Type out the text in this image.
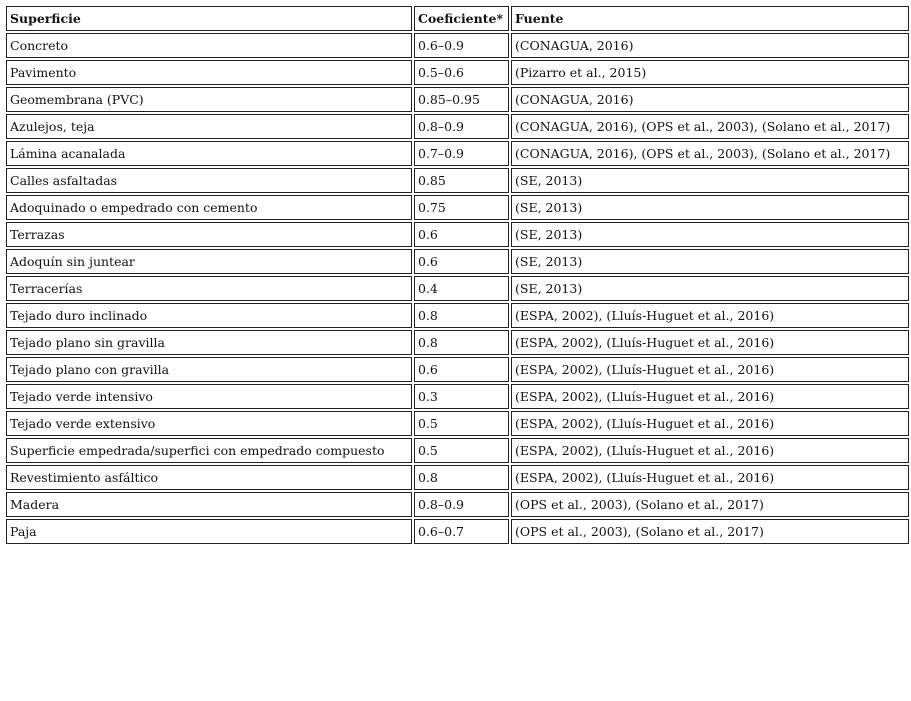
Superficie	Coeficiente*	Fuente
Concreto	0.6–0.9	(CONAGUA, 2016)
Pavimento	0.5–0.6	(Pizarro et al., 2015)
Geomembrana (PVC)	0.85–0.95	(CONAGUA, 2016)
Azulejos, teja	0.8–0.9	(CONAGUA, 2016), (OPS et al., 2003), (Solano et al., 2017)
Lámina acanalada	0.7–0.9	(CONAGUA, 2016), (OPS et al., 2003), (Solano et al., 2017)
Calles asfaltadas	0.85	(SE, 2013)
Adoquinado o empedrado con cemento	0.75	(SE, 2013)
Terrazas	0.6	(SE, 2013)
Adoquín sin juntear	0.6	(SE, 2013)
Terracerías	0.4	(SE, 2013)
Tejado duro inclinado	0.8	(ESPA, 2002), (Lluís-Huguet et al., 2016)
Tejado plano sin gravilla	0.8	(ESPA, 2002), (Lluís-Huguet et al., 2016)
Tejado plano con gravilla	0.6	(ESPA, 2002), (Lluís-Huguet et al., 2016)
Tejado verde intensivo	0.3	(ESPA, 2002), (Lluís-Huguet et al., 2016)
Tejado verde extensivo	0.5	(ESPA, 2002), (Lluís-Huguet et al., 2016)
Superficie empedrada/superfici con empedrado compuesto	0.5	(ESPA, 2002), (Lluís-Huguet et al., 2016)
Revestimiento asfáltico	0.8	(ESPA, 2002), (Lluís-Huguet et al., 2016)
Madera	0.8–0.9	(OPS et al., 2003), (Solano et al., 2017)
Paja	0.6–0.7	(OPS et al., 2003), (Solano et al., 2017)
